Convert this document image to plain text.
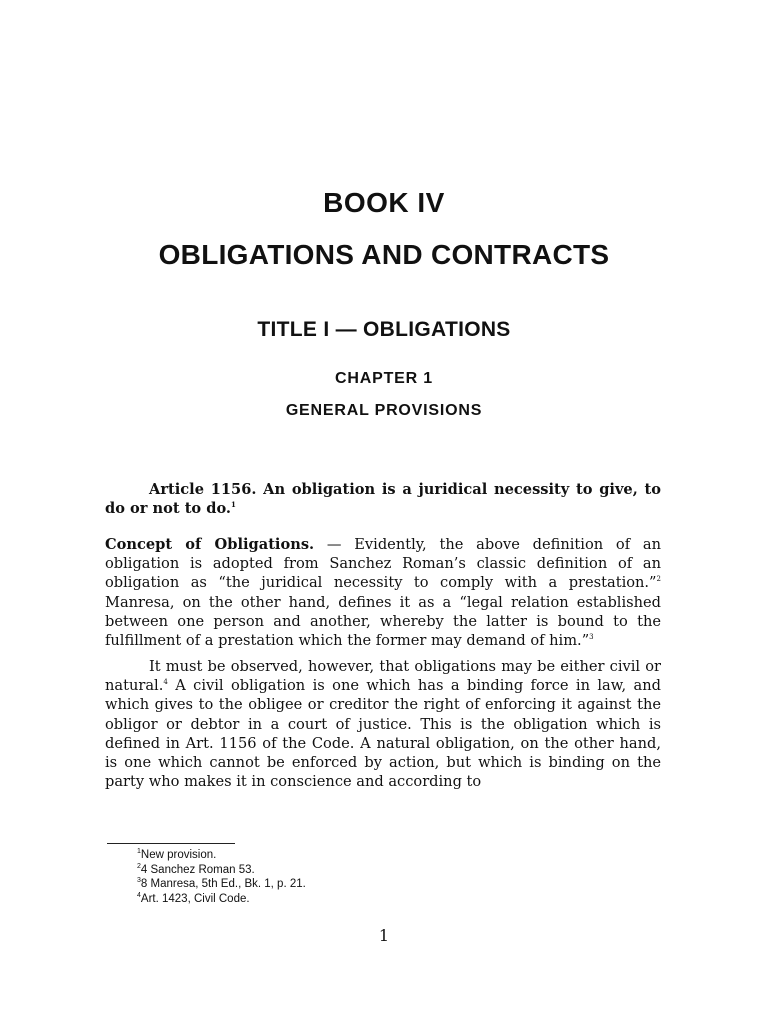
BOOK IV
OBLIGATIONS AND CONTRACTS
TITLE I — OBLIGATIONS
CHAPTER 1
GENERAL PROVISIONS

Article 1156. An obligation is a juridical necessity to give, to do or not to do.$^1$

Concept of Obligations. — Evidently, the above definition of an obligation is adopted from Sanchez Roman’s classic definition of an obligation as “the juridical necessity to comply with a prestation.”$^2$ Manresa, on the other hand, defines it as a “legal relation established between one person and another, whereby the latter is bound to the fulfillment of a prestation which the former may demand of him.”$^3$

It must be observed, however, that obligations may be either civil or natural.$^4$ A civil obligation is one which has a binding force in law, and which gives to the obligee or creditor the right of enforcing it against the obligor or debtor in a court of justice. This is the obligation which is defined in Art. 1156 of the Code. A natural obligation, on the other hand, is one which cannot be enforced by action, but which is binding on the party who makes it in conscience and according to

$^1$New provision.
$^2$4 Sanchez Roman 53.
$^3$8 Manresa, 5th Ed., Bk. 1, p. 21.
$^4$Art. 1423, Civil Code.
1
